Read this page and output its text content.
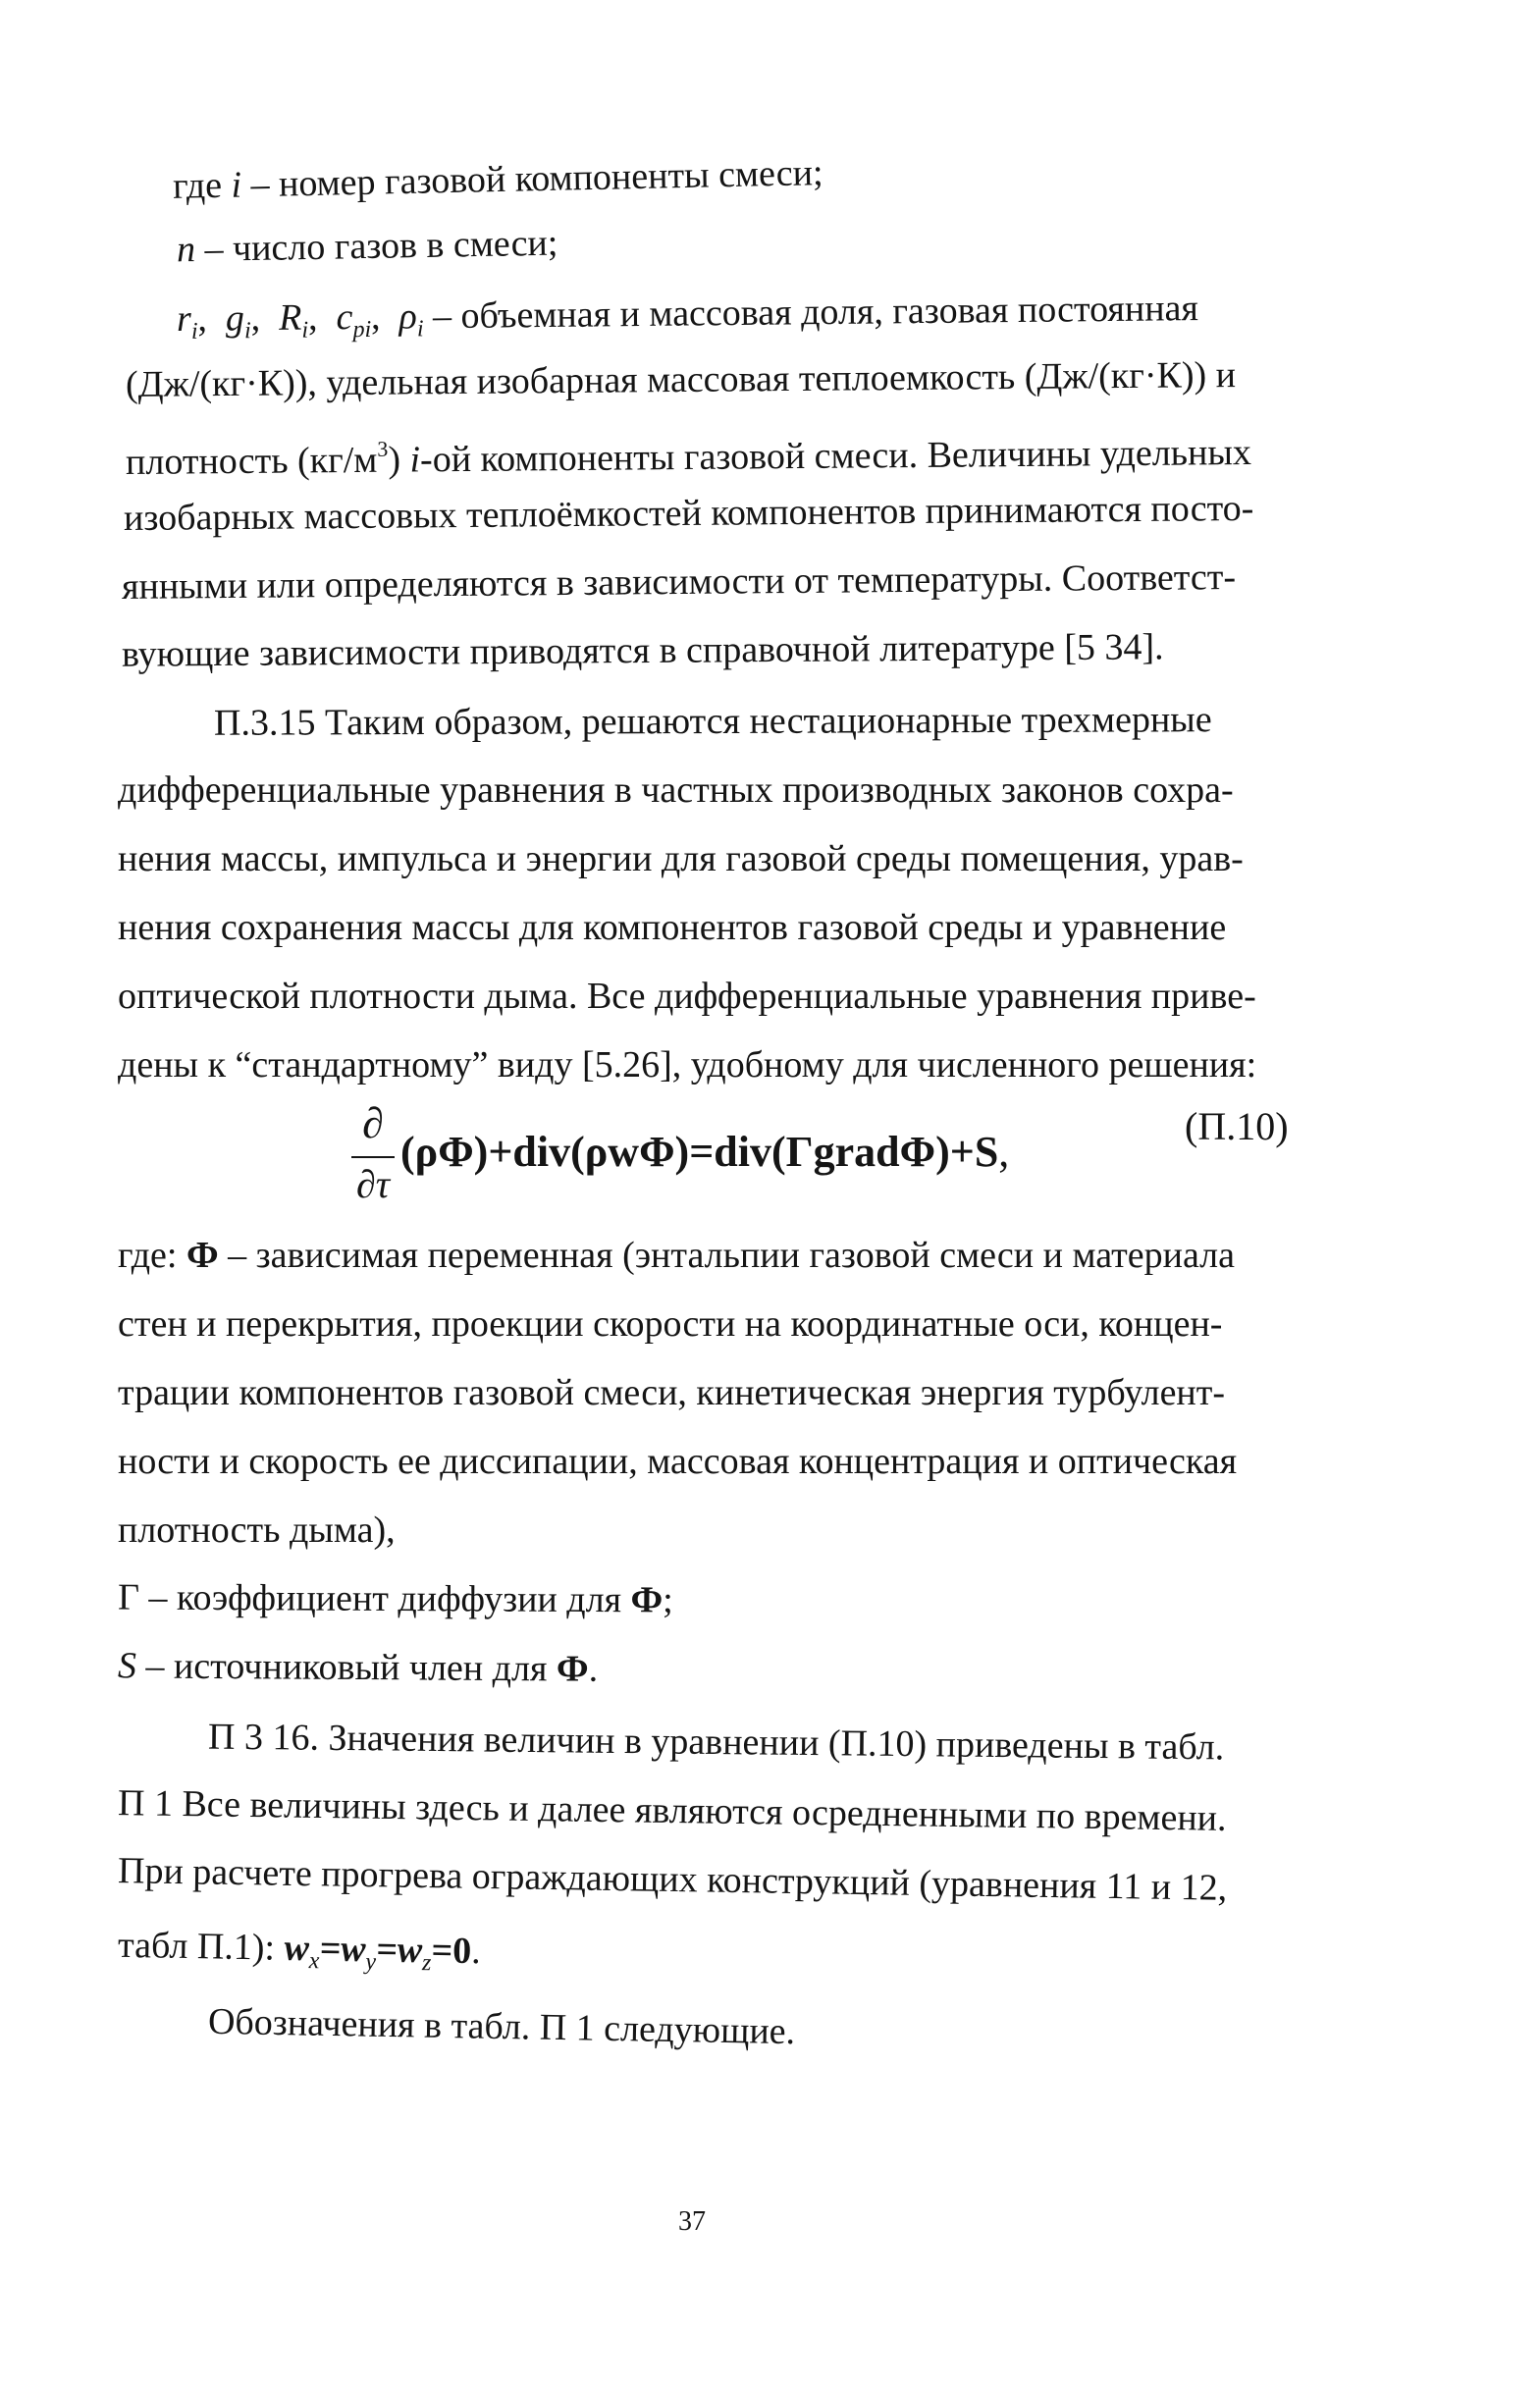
где i – номер газовой компоненты смеси;
n – число газов в смеси;
$r_i$,  $g_i$,  $R_i$,  $c_{pi}$,  $\rho_i$ – объемная и массовая доля, газовая постоянная
(Дж/(кг·К)), удельная изобарная массовая теплоемкость (Дж/(кг·К)) и
плотность $(кг/м^3)$ i-ой компоненты газовой смеси. Величины удельных
изобарных массовых теплоёмкостей компонентов принимаются посто-
янными или определяются в зависимости от температуры. Соответст-
вующие зависимости приводятся в справочной литературе [5 34].
П.3.15 Таким образом, решаются нестационарные трехмерные
дифференциальные уравнения в частных производных законов сохра-
нения массы, импульса и энергии для газовой среды помещения, урав-
нения сохранения массы для компонентов газовой среды и уравнение
оптической плотности дыма. Все дифференциальные уравнения приве-
дены к “стандартному” виду [5.26], удобному для численного решения:
∂
∂τ
(ρΦ)+div(ρwΦ)=div(ΓgradΦ)+S,
(П.10)
где: Ф – зависимая переменная (энтальпии газовой смеси и материала
стен и перекрытия, проекции скорости на координатные оси, концен-
трации компонентов газовой смеси, кинетическая энергия турбулент-
ности и скорость ее диссипации, массовая концентрация и оптическая
плотность дыма),
Г – коэффициент диффузии для Ф;
S – источниковый член для Ф.
П 3 16. Значения величин в уравнении (П.10) приведены в табл.
П 1 Все величины здесь и далее являются осредненными по времени.
При расчете прогрева ограждающих конструкций (уравнения 11 и 12,
табл П.1): $w_x=w_y=w_z=0$.
Обозначения в табл. П 1 следующие.
37
